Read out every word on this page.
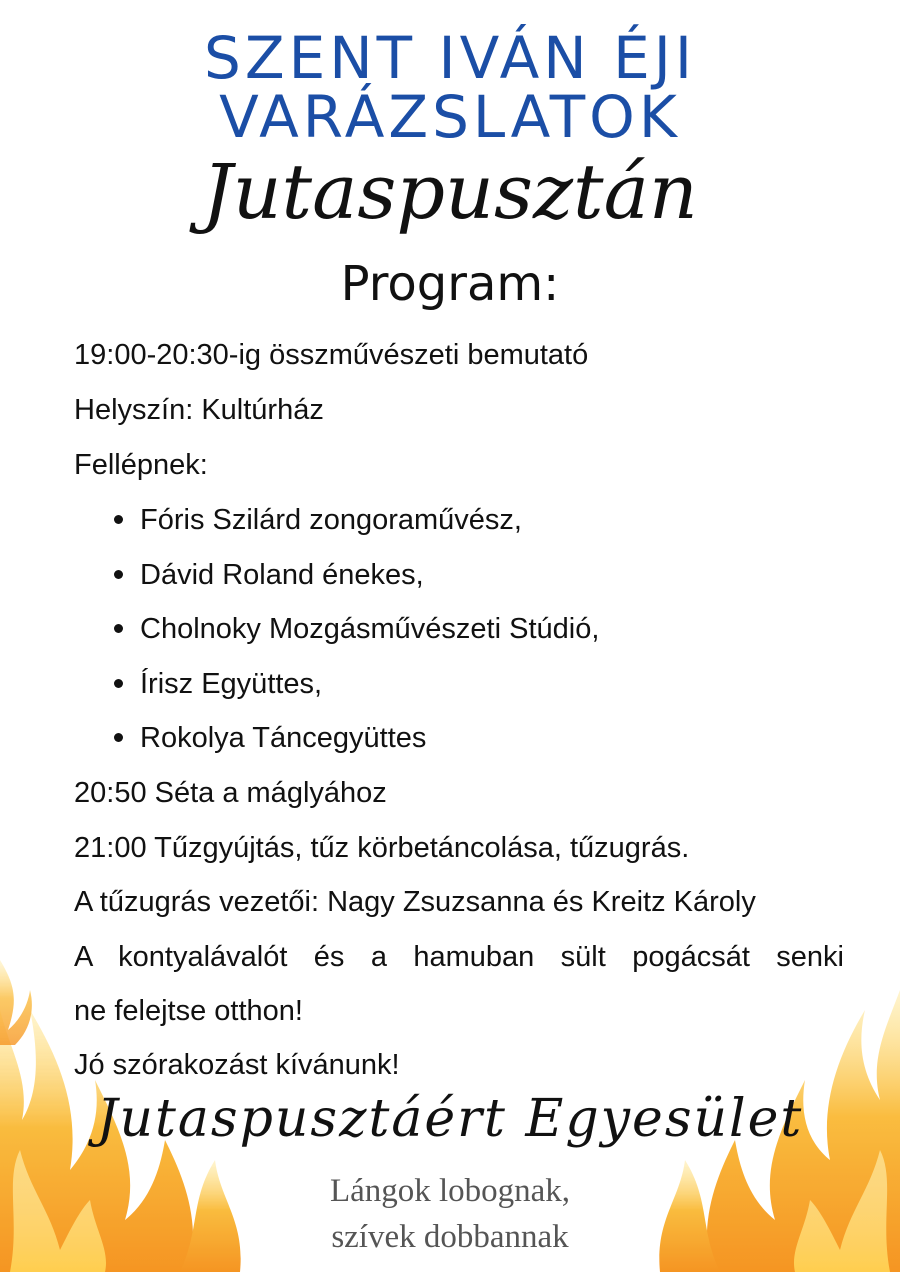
SZENT IVÁN ÉJI
VARÁZSLATOK
Jutaspusztán
Program:
19:00-20:30-ig összművészeti bemutató
Helyszín: Kultúrház
Fellépnek:
Fóris Szilárd zongoraművész,
Dávid Roland énekes,
Cholnoky Mozgásművészeti Stúdió,
Írisz Együttes,
Rokolya Táncegyüttes
20:50 Séta a máglyához
21:00 Tűzgyújtás, tűz körbetáncolása, tűzugrás.
A tűzugrás vezetői: Nagy Zsuzsanna és Kreitz Károly
A kontyalávalót és a hamuban sült pogácsát senki
ne felejtse otthon!
Jó szórakozást kívánunk!
Jutaspusztáért Egyesület
Lángok lobognak,
szívek dobbannak
